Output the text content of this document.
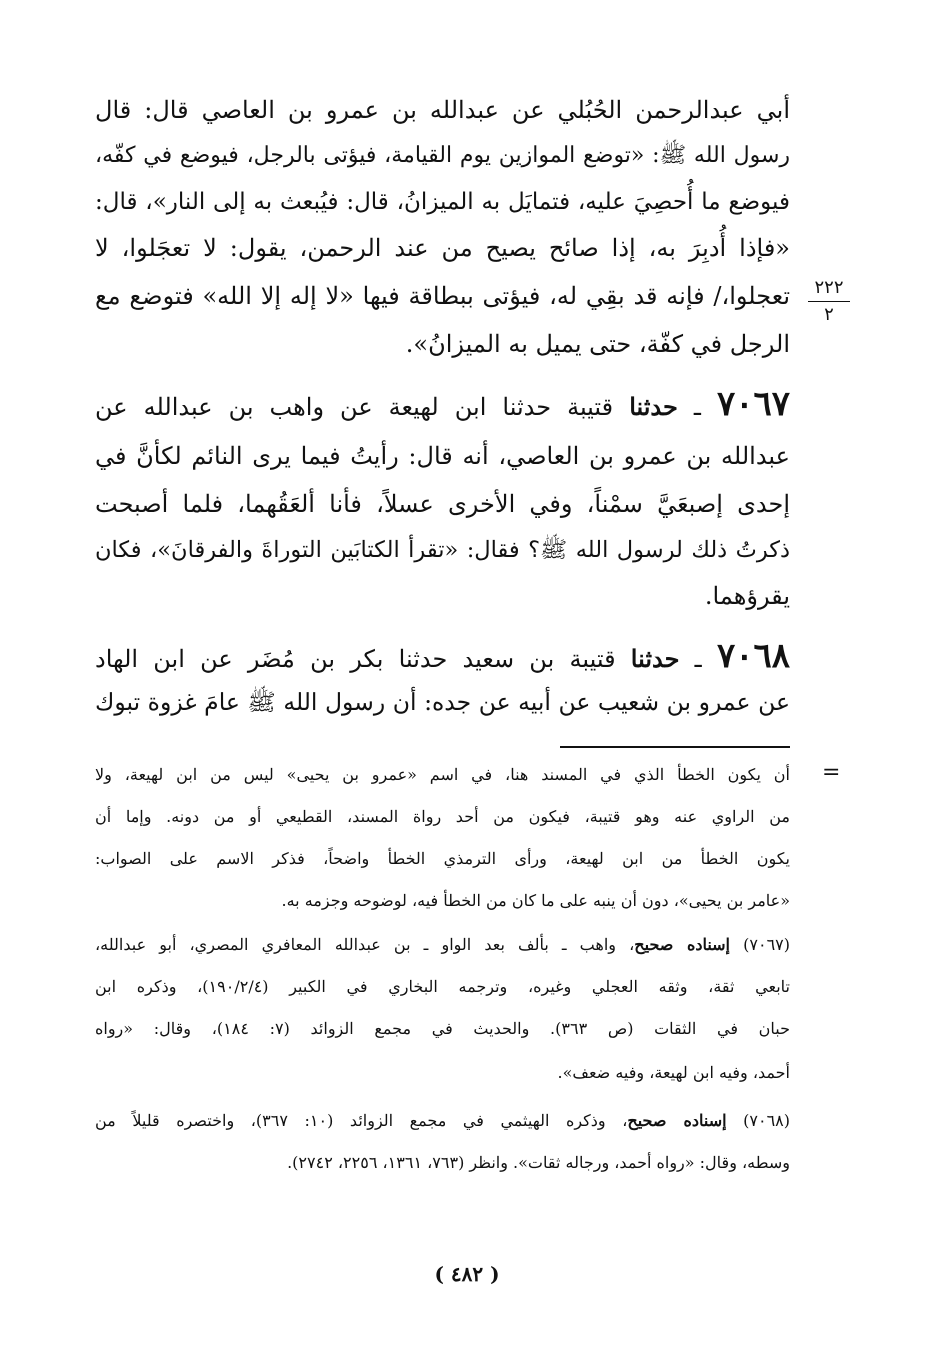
أبي عبدالرحمن الحُبُلي عن عبدالله بن عمرو بن العاصي قال: قال
رسول الله ﷺ: «توضع الموازين يوم القيامة، فيؤتى بالرجل، فيوضع في كفّه،
فيوضع ما أُحصِيَ عليه، فتمايَل به الميزانُ، قال: فيُبعث به إلى النار»، قال:
«فإذا أُدبِرَ به، إذا صائح يصيح من عند الرحمن، يقول: لا تعجَلوا، لا
تعجلوا،/ فإنه قد بقِي له، فيؤتى ببطاقة فيها «لا إله إلا الله» فتوضع مع
الرجل في كفّة، حتى يميل به الميزانُ».
٢٢٢
٢
٧٠٦٧ ـ حدثنا قتيبة حدثنا ابن لهيعة عن واهب بن عبدالله عن
عبدالله بن عمرو بن العاصي، أنه قال: رأيتُ فيما يرى النائم لكأنَّ في
إحدى إصبعَيَّ سمْناً، وفي الأخرى عسلاً، فأنا ألعَقُهما، فلما أصبحت
ذكرتُ ذلك لرسول الله ﷺ؟ فقال: «تقرأ الكتابَين التوراةَ والفرقانَ»، فكان
يقرؤهما.
٧٠٦٨ ـ حدثنا قتيبة بن سعيد حدثنا بكر بن مُضَر عن ابن الهاد
عن عمرو بن شعيب عن أبيه عن جده: أن رسول الله ﷺ عامَ غزوة تبوك
=
أن يكون الخطأ الذي في المسند هنا، في اسم «عمرو بن يحيى» ليس من ابن لهيعة، ولا
من الراوي عنه وهو قتيبة، فيكون من أحد رواة المسند، القطيعي أو من دونه. وإما أن
يكون الخطأ من ابن لهيعة، ورأى الترمذي الخطأ واضحاً، فذكر الاسم على الصواب:
«عامر بن يحيى»، دون أن ينبه على ما كان من الخطأ فيه، لوضوحه وجزمه به.
(٧٠٦٧) إسناده صحيح، واهب ـ بألف بعد الواو ـ بن عبدالله المعافري المصري، أبو عبدالله،
تابعي ثقة، وثقه العجلي وغيره، وترجمه البخاري في الكبير (١٩٠/٢/٤)، وذكره ابن
حبان في الثقات (ص ٣٦٣). والحديث في مجمع الزوائد (٧: ١٨٤)، وقال: «رواه
أحمد، وفيه ابن لهيعة، وفيه ضعف».
(٧٠٦٨) إسناده صحيح، وذكره الهيثمي في مجمع الزوائد (١٠: ٣٦٧)، واختصره قليلاً من
وسطه، وقال: «رواه أحمد، ورجاله ثقات». وانظر (٧٦٣، ١٣٦١، ٢٢٥٦، ٢٧٤٢).
( ٤٨٢ )
